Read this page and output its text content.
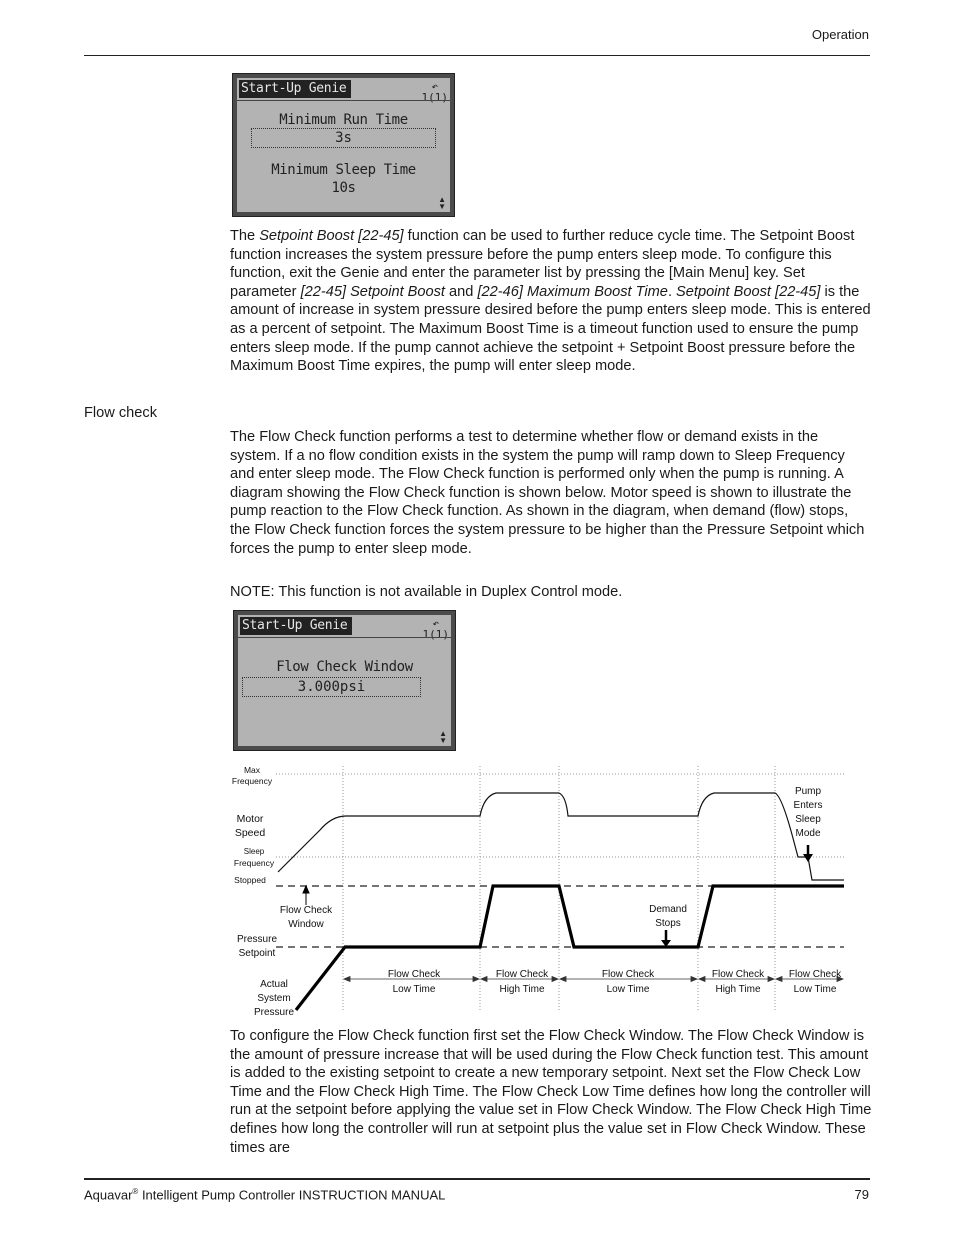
Operation
Start-Up Genie	↶
1(1)
Minimum Run Time
3s
Minimum Sleep Time
10s
▲
▼

The Setpoint Boost [22-45] function can be used to further reduce cycle time. The Setpoint Boost function increases the system pressure before the pump enters sleep mode. To configure this function, exit the Genie and enter the parameter list by pressing the [Main Menu] key. Set parameter [22-45] Setpoint Boost and [22-46] Maximum Boost Time. Setpoint Boost [22-45] is the amount of increase in system pressure desired before the pump enters sleep mode. This is entered as a percent of setpoint. The Maximum Boost Time is a timeout function used to ensure the pump enters sleep mode. If the pump cannot achieve the setpoint + Setpoint Boost pressure before the Maximum Boost Time expires, the pump will enter sleep mode.

Flow check

The Flow Check function performs a test to determine whether flow or demand exists in the system. If a no flow condition exists in the system the pump will ramp down to Sleep Frequency and enter sleep mode. The Flow Check function is performed only when the pump is running. A diagram showing the Flow Check function is shown below. Motor speed is shown to illustrate the pump reaction to the Flow Check function. As shown in the diagram, when demand (flow) stops, the Flow Check function forces the system pressure to be higher than the Pressure Setpoint which forces the pump to enter sleep mode.

NOTE: This function is not available in Duplex Control mode.

Start-Up Genie	↶
1(1)
Flow Check Window
3.000psi
▲
▼
Max
Frequency
Motor
Speed
Sleep
Frequency
Stopped
Flow Check
Window
Pressure
Setpoint
Actual
System
Pressure
Demand
Stops
Pump
Enters
Sleep
Mode
Flow Check
Low Time
Flow Check
High Time
Flow Check
Low Time
Flow Check
High Time
Flow Check
Low Time

To configure the Flow Check function first set the Flow Check Window. The Flow Check Window is the amount of pressure increase that will be used during the Flow Check function test. This amount is added to the existing setpoint to create a new temporary setpoint. Next set the Flow Check Low Time and the Flow Check High Time. The Flow Check Low Time defines how long the controller will run at the setpoint before applying the value set in Flow Check Window. The Flow Check High Time defines how long the controller will run at setpoint plus the value set in Flow Check Window. These times are

Aquavar® Intelligent Pump Controller INSTRUCTION MANUAL	79
